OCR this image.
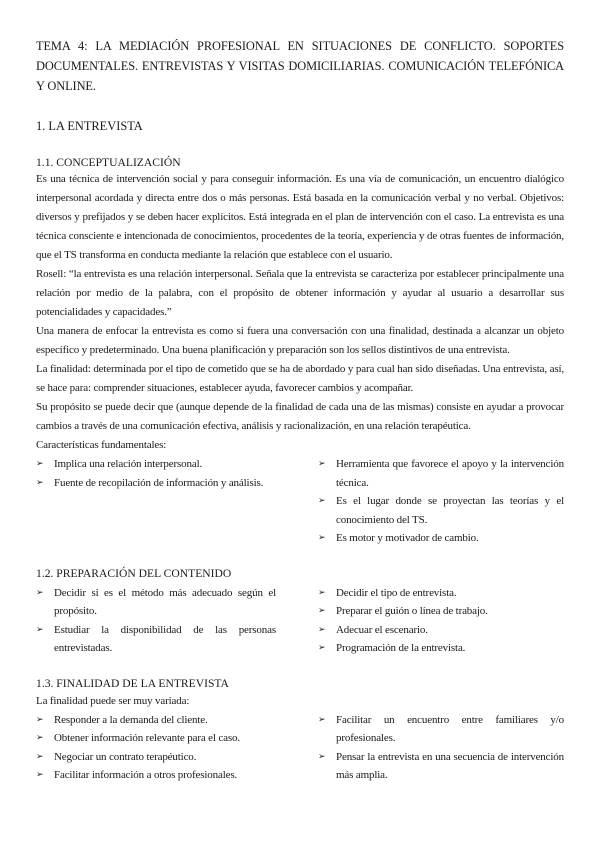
TEMA 4: LA MEDIACIÓN PROFESIONAL EN SITUACIONES DE CONFLICTO. SOPORTES DOCUMENTALES. ENTREVISTAS Y VISITAS DOMICILIARIAS. COMUNICACIÓN TELEFÓNICA Y ONLINE.

1. LA ENTREVISTA

1.1. CONCEPTUALIZACIÓN

Es una técnica de intervención social y para conseguir información. Es una vía de comunicación, un encuentro dialógico interpersonal acordada y directa entre dos o más personas. Está basada en la comunicación verbal y no verbal. Objetivos: diversos y prefijados y se deben hacer explícitos. Está integrada en el plan de intervención con el caso. La entrevista es una técnica consciente e intencionada de conocimientos, procedentes de la teoría, experiencia y de otras fuentes de información, que el TS transforma en conducta mediante la relación que establece con el usuario.

Rosell: “la entrevista es una relación interpersonal. Señala que la entrevista se caracteriza por establecer principalmente una relación por medio de la palabra, con el propósito de obtener información y ayudar al usuario a desarrollar sus potencialidades y capacidades.”

Una manera de enfocar la entrevista es como si fuera una conversación con una finalidad, destinada a alcanzar un objeto específico y predeterminado. Una buena planificación y preparación son los sellos distintivos de una entrevista.

La finalidad: determinada por el tipo de cometido que se ha de abordado y para cual han sido diseñadas. Una entrevista, así, se hace para: comprender situaciones, establecer ayuda, favorecer cambios y acompañar.

Su propósito se puede decir que (aunque depende de la finalidad de cada una de las mismas) consiste en ayudar a provocar cambios a través de una comunicación efectiva, análisis y racionalización, en una relación terapéutica.

Características fundamentales:

➢ Implica una relación interpersonal.
➢ Fuente de recopilación de información y análisis.
➢ Herramienta que favorece el apoyo y la intervención técnica.
➢ Es el lugar donde se proyectan las teorías y el conocimiento del TS.
➢ Es motor y motivador de cambio.

1.2. PREPARACIÓN DEL CONTENIDO

➢ Decidir si es el método más adecuado según el propósito.
➢ Estudiar la disponibilidad de las personas entrevistadas.
➢ Decidir el tipo de entrevista.
➢ Preparar el guión o línea de trabajo.
➢ Adecuar el escenario.
➢ Programación de la entrevista.

1.3. FINALIDAD DE LA ENTREVISTA

La finalidad puede ser muy variada:

➢ Responder a la demanda del cliente.
➢ Obtener información relevante para el caso.
➢ Negociar un contrato terapéutico.
➢ Facilitar información a otros profesionales.
➢ Facilitar un encuentro entre familiares y/o profesionales.
➢ Pensar la entrevista en una secuencia de intervención más amplia.
